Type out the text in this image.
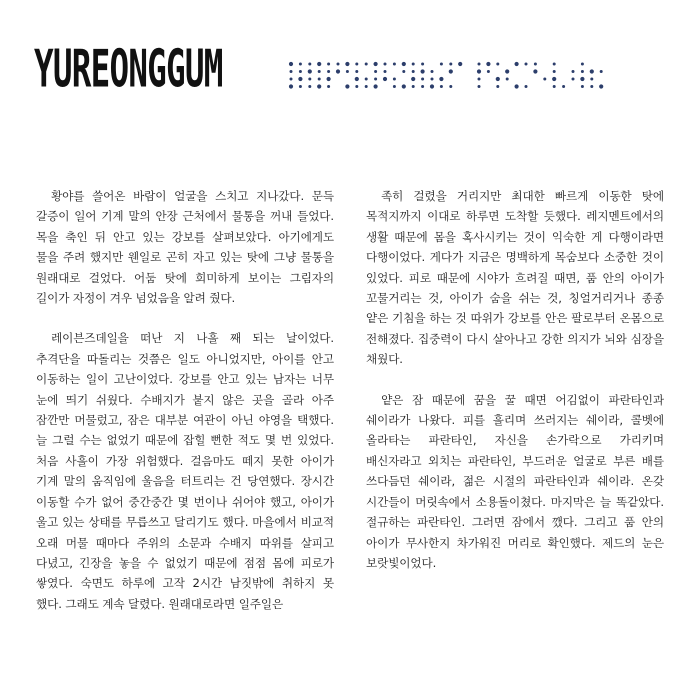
YUREONGGUM

황야를 쓸어온 바람이 얼굴을 스치고 지나갔다. 문득 갈증이 일어 기계 말의 안장 근처에서 물통을 꺼내 들었다. 목을 축인 뒤 안고 있는 강보를 살펴보았다. 아기에게도 물을 주려 했지만 웬일로 곤히 자고 있는 탓에 그냥 물통을 원래대로 걸었다. 어둠 탓에 희미하게 보이는 그림자의 길이가 자정이 겨우 넘었음을 알려 줬다.

레이븐즈데일을 떠난 지 나흘 째 되는 날이었다. 추격단을 따돌리는 것쯤은 일도 아니었지만, 아이를 안고 이동하는 일이 고난이었다. 강보를 안고 있는 남자는 너무 눈에 띄기 쉬웠다. 수배지가 붙지 않은 곳을 골라 아주 잠깐만 머물렀고, 잠은 대부분 여관이 아닌 야영을 택했다. 늘 그럴 수는 없었기 때문에 잡힐 뻔한 적도 몇 번 있었다. 처음 사흘이 가장 위험했다. 걸음마도 떼지 못한 아이가 기계 말의 움직임에 울음을 터트리는 건 당연했다. 장시간 이동할 수가 없어 중간중간 몇 번이나 쉬어야 했고, 아이가 울고 있는 상태를 무릅쓰고 달리기도 했다. 마을에서 비교적 오래 머물 때마다 주위의 소문과 수배지 따위를 살피고 다녔고, 긴장을 놓을 수 없었기 때문에 점점 몸에 피로가 쌓였다. 숙면도 하루에 고작 2시간 남짓밖에 취하지 못 했다. 그래도 계속 달렸다. 원래대로라면 일주일은

족히 걸렸을 거리지만 최대한 빠르게 이동한 탓에 목적지까지 이대로 하루면 도착할 듯했다. 레지멘트에서의 생활 때문에 몸을 혹사시키는 것이 익숙한 게 다행이라면 다행이었다. 게다가 지금은 명백하게 목숨보다 소중한 것이 있었다. 피로 때문에 시야가 흐려질 때면, 품 안의 아이가 꼬물거리는 것, 아이가 숨을 쉬는 것, 칭얼거리거나 종종 얕은 기침을 하는 것 따위가 강보를 안은 팔로부터 온몸으로 전해졌다. 집중력이 다시 살아나고 강한 의지가 뇌와 심장을 채웠다.

얕은 잠 때문에 꿈을 꿀 때면 어김없이 파란타인과 쉐이라가 나왔다. 피를 흘리며 쓰러지는 쉐이라, 콜벳에 올라타는 파란타인, 자신을 손가락으로 가리키며 배신자라고 외치는 파란타인, 부드러운 얼굴로 부른 배를 쓰다듬던 쉐이라, 젊은 시절의 파란타인과 쉐이라. 온갖 시간들이 머릿속에서 소용돌이쳤다. 마지막은 늘 똑같았다. 절규하는 파란타인. 그러면 잠에서 깼다. 그리고 품 안의 아이가 무사한지 차가워진 머리로 확인했다. 제드의 눈은 보랏빛이었다.
